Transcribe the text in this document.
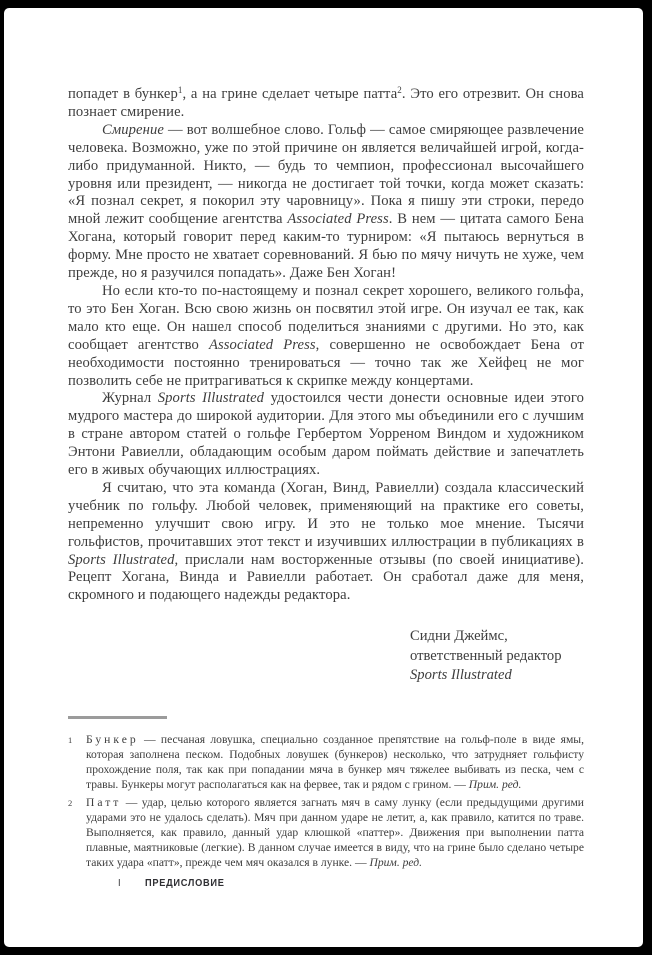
попадет в бункер$^1$, а на грине сделает четыре патта$^2$. Это его отрезвит. Он снова познает смирение.

Смирение — вот волшебное слово. Гольф — самое смиряющее развлечение человека. Возможно, уже по этой причине он является величайшей игрой, когда-либо придуманной. Никто, — будь то чемпион, профессионал высочайшего уровня или президент, — никогда не достигает той точки, когда может сказать: «Я познал секрет, я покорил эту чаровницу». Пока я пишу эти строки, передо мной лежит сообщение агентства Associated Press. В нем — цитата самого Бена Хогана, который говорит перед каким-то турниром: «Я пытаюсь вернуться в форму. Мне просто не хватает соревнований. Я бью по мячу ничуть не хуже, чем прежде, но я разучился попадать». Даже Бен Хоган!

Но если кто-то по-настоящему и познал секрет хорошего, великого гольфа, то это Бен Хоган. Всю свою жизнь он посвятил этой игре. Он изучал ее так, как мало кто еще. Он нашел способ поделиться знаниями с другими. Но это, как сообщает агентство Associated Press, совершенно не освобождает Бена от необходимости постоянно тренироваться — точно так же Хейфец не мог позволить себе не притрагиваться к скрипке между концертами.

Журнал Sports Illustrated удостоился чести донести основные идеи этого мудрого мастера до широкой аудитории. Для этого мы объединили его с лучшим в стране автором статей о гольфе Гербертом Уорреном Виндом и художником Энтони Равиелли, обладающим особым даром поймать действие и запечатлеть его в живых обучающих иллюстрациях.

Я считаю, что эта команда (Хоган, Винд, Равиелли) создала классический учебник по гольфу. Любой человек, применяющий на практике его советы, непременно улучшит свою игру. И это не только мое мнение. Тысячи гольфистов, прочитавших этот текст и изучивших иллюстрации в публикациях в Sports Illustrated, прислали нам восторженные отзывы (по своей инициативе). Рецепт Хогана, Винда и Равиелли работает. Он сработал даже для меня, скромного и подающего надежды редактора.

Сидни Джеймс,
ответственный редактор
Sports Illustrated
1	Бункер — песчаная ловушка, специально созданное препятствие на гольф-поле в виде ямы, которая заполнена песком. Подобных ловушек (бункеров) несколько, что затрудняет гольфисту прохождение поля, так как при попадании мяча в бункер мяч тяжелее выбивать из песка, чем с травы. Бункеры могут располагаться как на фервее, так и рядом с грином. — Прим. ред.
2	Патт — удар, целью которого является загнать мяч в саму лунку (если предыдущими другими ударами это не удалось сделать). Мяч при данном ударе не летит, а, как правило, катится по траве. Выполняется, как правило, данный удар клюшкой «паттер». Движения при выполнении патта плавные, маятниковые (легкие). В данном случае имеется в виду, что на грине было сделано четыре таких удара «патт», прежде чем мяч оказался в лунке. — Прим. ред.
I ПРЕДИСЛОВИЕ
